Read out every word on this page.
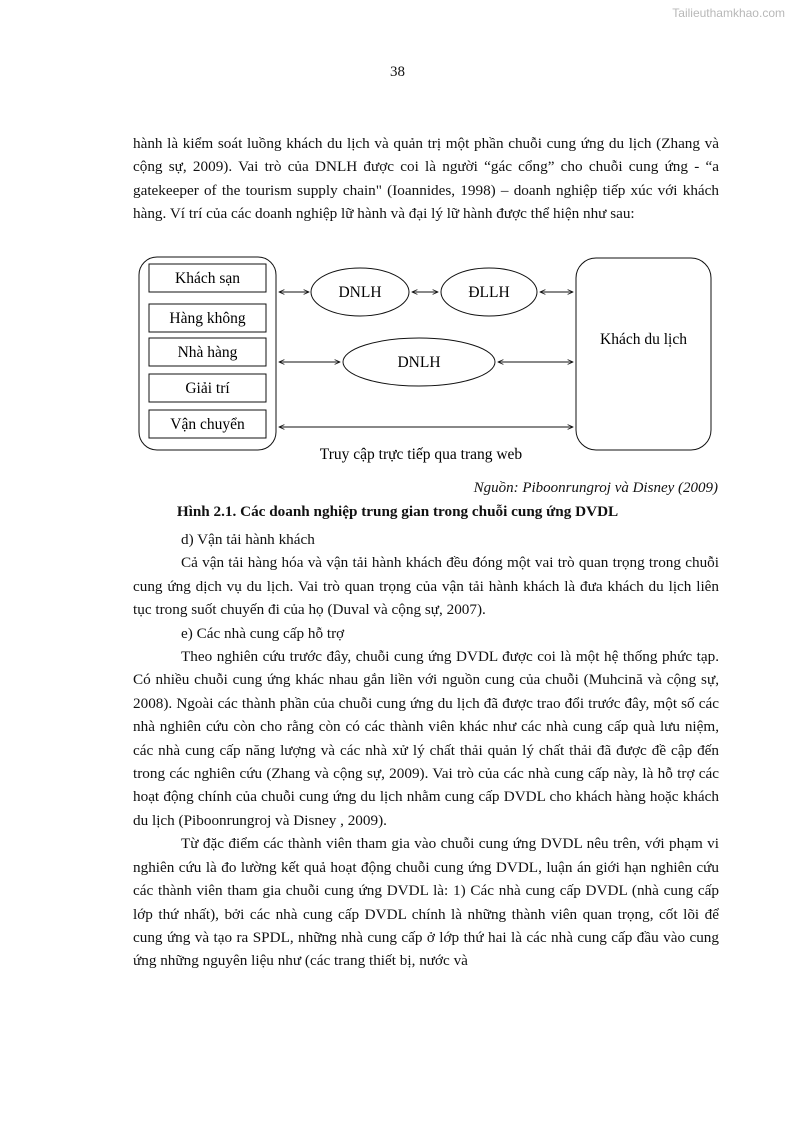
Tailieuthamkhao.com
38

hành là kiểm soát luồng khách du lịch và quản trị một phần chuỗi cung ứng du lịch (Zhang và cộng sự, 2009). Vai trò của DNLH được coi là người “gác cổng” cho chuỗi cung ứng - “a gatekeeper of the tourism supply chain" (Ioannides, 1998) – doanh nghiệp tiếp xúc với khách hàng. Ví trí của các doanh nghiệp lữ hành và đại lý lữ hành được thể hiện như sau:

Khách sạn
Hàng không
Nhà hàng
Giải trí
Vận chuyển
DNLH	ĐLLH
DNLH
Khách du lịch
Truy cập trực tiếp qua trang web
Nguồn: Piboonrungroj và Disney (2009)
Hình 2.1. Các doanh nghiệp trung gian trong chuỗi cung ứng DVDL

d) Vận tải hành khách

Cả vận tải hàng hóa và vận tải hành khách đều đóng một vai trò quan trọng trong chuỗi cung ứng dịch vụ du lịch. Vai trò quan trọng của vận tải hành khách là đưa khách du lịch liên tục trong suốt chuyến đi của họ (Duval và cộng sự, 2007).

e) Các nhà cung cấp hỗ trợ

Theo nghiên cứu trước đây, chuỗi cung ứng DVDL được coi là một hệ thống phức tạp. Có nhiều chuỗi cung ứng khác nhau gắn liền với nguồn cung của chuỗi (Muhcină và cộng sự, 2008). Ngoài các thành phần của chuỗi cung ứng du lịch đã được trao đổi trước đây, một số các nhà nghiên cứu còn cho rằng còn có các thành viên khác như các nhà cung cấp quà lưu niệm, các nhà cung cấp năng lượng và các nhà xử lý chất thải quản lý chất thải đã được đề cập đến trong các nghiên cứu (Zhang và cộng sự, 2009). Vai trò của các nhà cung cấp này, là hỗ trợ các hoạt động chính của chuỗi cung ứng du lịch nhằm cung cấp DVDL cho khách hàng hoặc khách du lịch (Piboonrungroj và Disney , 2009).

Từ đặc điểm các thành viên tham gia vào chuỗi cung ứng DVDL nêu trên, với phạm vi nghiên cứu là đo lường kết quả hoạt động chuỗi cung ứng DVDL, luận án giới hạn nghiên cứu các thành viên tham gia chuỗi cung ứng DVDL là: 1) Các nhà cung cấp DVDL (nhà cung cấp lớp thứ nhất), bởi các nhà cung cấp DVDL chính là những thành viên quan trọng, cốt lõi để cung ứng và tạo ra SPDL, những nhà cung cấp ở lớp thứ hai là các nhà cung cấp đầu vào cung ứng những nguyên liệu như (các trang thiết bị, nước và
